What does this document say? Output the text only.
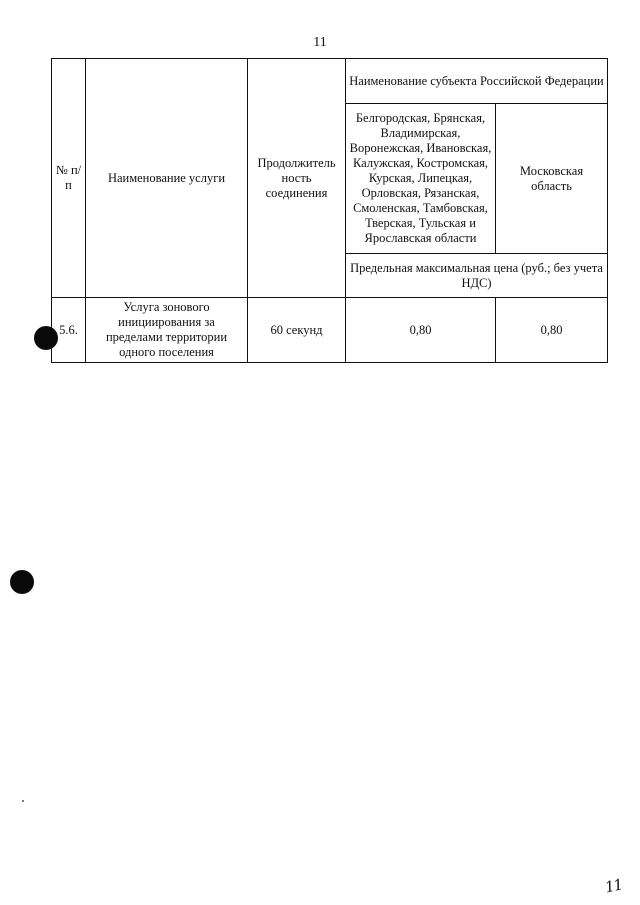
11
№ п/п	Наименование услуги	Продолжитель ность соединения	Наименование субъекта Российской Федерации	
			Белгородская, Брянская, Владимирская, Воронежская, Ивановская, Калужская, Костромская, Курская, Липецкая, Орловская, Рязанская, Смоленская, Тамбовская, Тверская, Тульская и Ярославская области	Московская область
			Предельная максимальная цена (руб.; без учета НДС)	
5.6.	Услуга зонового инициирования за пределами территории одного поселения	60 секунд	0,80	0,80
11
